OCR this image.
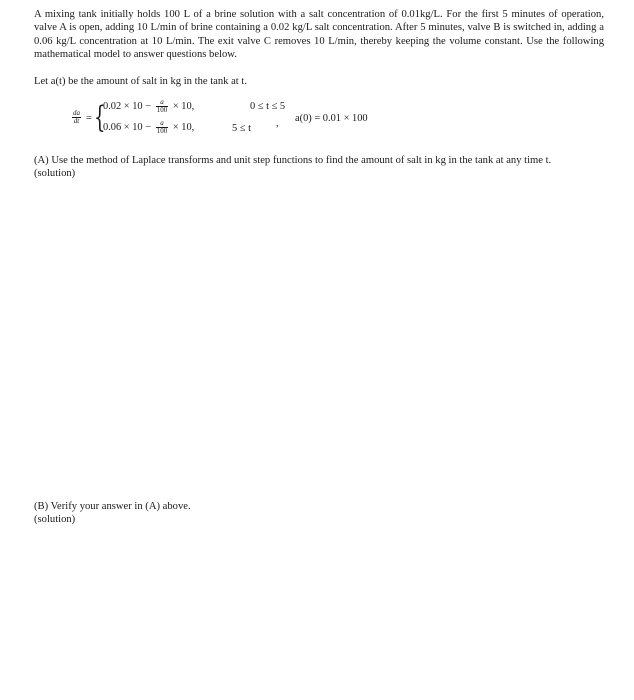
A mixing tank initially holds 100 L of a brine solution with a salt concentration of 0.01kg/L. For the first 5 minutes of operation, valve A is open, adding 10 L/min of brine containing a 0.02 kg/L salt concentration. After 5 minutes, valve B is switched in, adding a 0.06 kg/L concentration at 10 L/min. The exit valve C removes 10 L/min, thereby keeping the volume constant. Use the following mathematical model to answer questions below.
Let a(t) be the amount of salt in kg in the tank at t.
$\frac{da}{dt}$ = {
$0.02 \times 10 - \frac{a}{100} \times 10$,	0 ≤ t ≤ 5
$0.06 \times 10 - \frac{a}{100} \times 10$,	5 ≤ t , a(0) = 0.01 × 100
(A) Use the method of Laplace transforms and unit step functions to find the amount of salt in kg in the tank at any time t.
(solution)
(B) Verify your answer in (A) above.
(solution)
